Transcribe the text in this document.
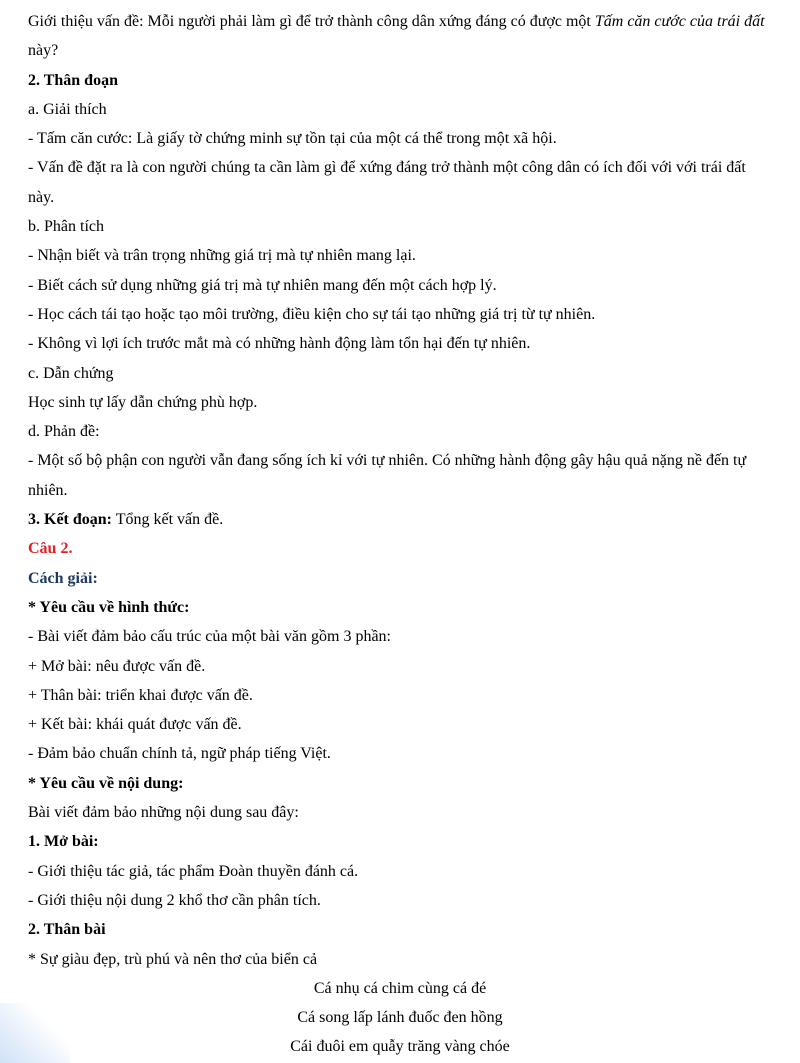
Giới thiệu vấn đề: Mỗi người phải làm gì để trở thành công dân xứng đáng có được một Tấm căn cước của trái đất này?
2. Thân đoạn
a. Giải thích
- Tấm căn cước: Là giấy tờ chứng minh sự tồn tại của một cá thể trong một xã hội.
- Vấn đề đặt ra là con người chúng ta cần làm gì để xứng đáng trở thành một công dân có ích đối với với trái đất này.
b. Phân tích
- Nhận biết và trân trọng những giá trị mà tự nhiên mang lại.
- Biết cách sử dụng những giá trị mà tự nhiên mang đến một cách hợp lý.
- Học cách tái tạo hoặc tạo môi trường, điều kiện cho sự tái tạo những giá trị từ tự nhiên.
- Không vì lợi ích trước mắt mà có những hành động làm tổn hại đến tự nhiên.
c. Dẫn chứng
Học sinh tự lấy dẫn chứng phù hợp.
d. Phản đề:
- Một số bộ phận con người vẫn đang sống ích kỉ với tự nhiên. Có những hành động gây hậu quả nặng nề đến tự nhiên.
3. Kết đoạn: Tổng kết vấn đề.
Câu 2.
Cách giải:
* Yêu cầu về hình thức:
- Bài viết đảm bảo cấu trúc của một bài văn gồm 3 phần:
+ Mở bài: nêu được vấn đề.
+ Thân bài: triển khai được vấn đề.
+ Kết bài: khái quát được vấn đề.
- Đảm bảo chuẩn chính tả, ngữ pháp tiếng Việt.
* Yêu cầu về nội dung:
Bài viết đảm bảo những nội dung sau đây:
1. Mở bài:
- Giới thiệu tác giả, tác phẩm Đoàn thuyền đánh cá.
- Giới thiệu nội dung 2 khổ thơ cần phân tích.
2. Thân bài
* Sự giàu đẹp, trù phú và nên thơ của biển cả
Cá nhụ cá chim cùng cá đé
Cá song lấp lánh đuốc đen hồng
Cái đuôi em quẫy trăng vàng chóe
